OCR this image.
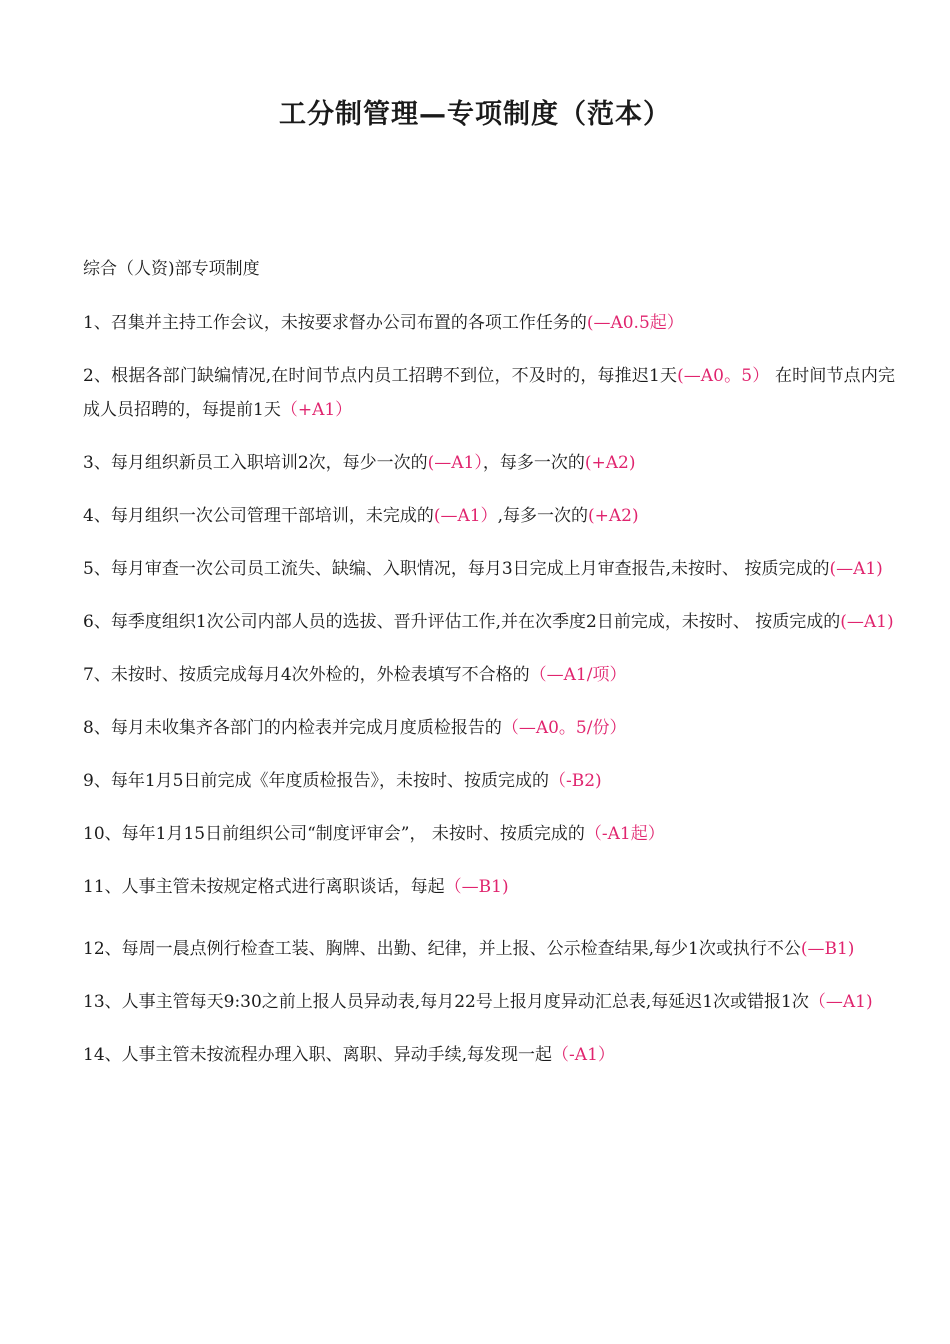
工分制管理—专项制度（范本）

综合（人资)部专项制度

1、召集并主持工作会议，未按要求督办公司布置的各项工作任务的(—A0.5起）

2、根据各部门缺编情况,在时间节点内员工招聘不到位，不及时的，每推迟1天(—A0。5） 在时间节点内完成人员招聘的，每提前1天（+A1）

3、每月组织新员工入职培训2次，每少一次的(—A1），每多一次的(+A2)

4、每月组织一次公司管理干部培训，未完成的(—A1）,每多一次的(+A2)

5、每月审查一次公司员工流失、缺编、入职情况，每月3日完成上月审查报告,未按时、 按质完成的(—A1)

6、每季度组织1次公司内部人员的选拔、晋升评估工作,并在次季度2日前完成，未按时、 按质完成的(—A1)

7、未按时、按质完成每月4次外检的，外检表填写不合格的（—A1/项）

8、每月未收集齐各部门的内检表并完成月度质检报告的（—A0。5/份）

9、每年1月5日前完成《年度质检报告》，未按时、按质完成的（-B2)

10、每年1月15日前组织公司“制度评审会”， 未按时、按质完成的（-A1起）

11、人事主管未按规定格式进行离职谈话，每起（—B1)

12、每周一晨点例行检查工装、胸牌、出勤、纪律，并上报、公示检查结果,每少1次或执行不公(—B1)

13、人事主管每天9:30之前上报人员异动表,每月22号上报月度异动汇总表,每延迟1次或错报1次（—A1)

14、人事主管未按流程办理入职、离职、异动手续,每发现一起（-A1）
